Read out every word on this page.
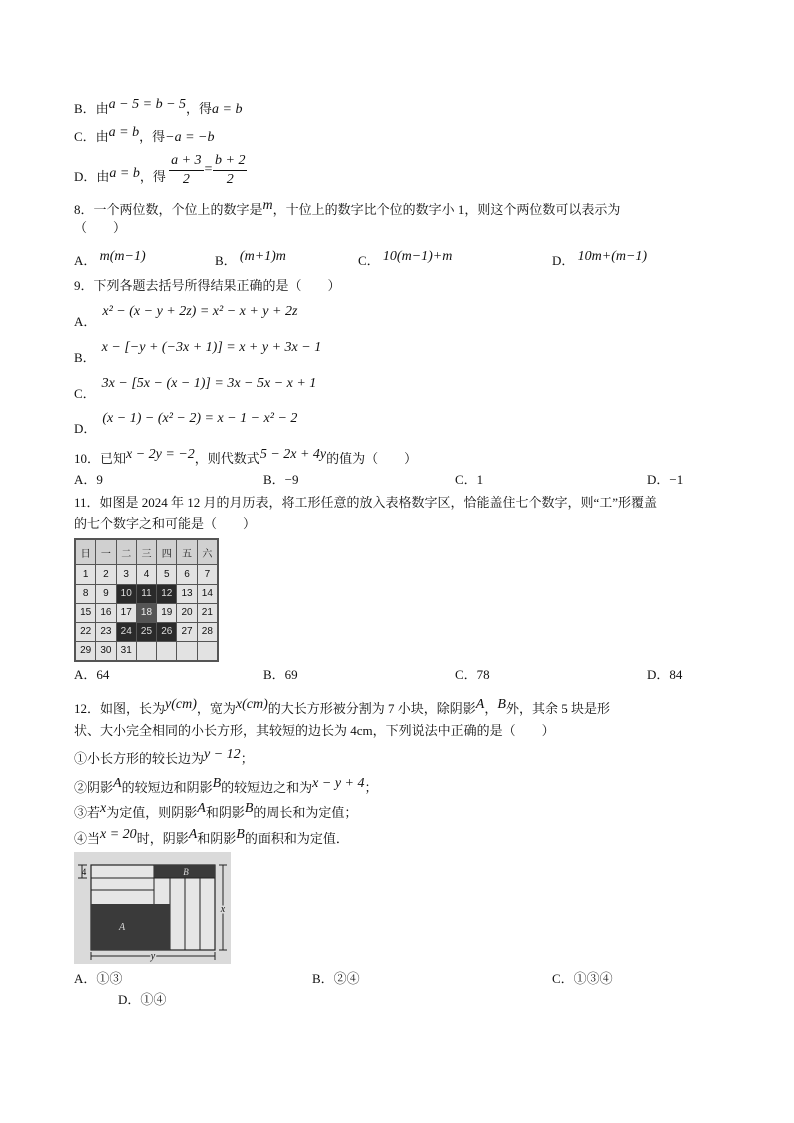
B．由a − 5 = b − 5，得a = b
C．由a = b，得−a = −b
D．由a = b，得 $\frac{a + 3}{2} = \frac{b + 2}{2}$
8．一个两位数，个位上的数字是m，十位上的数字比个位的数字小 1，则这个两位数可以表示为
（　　）
A． m(m−1)	B． (m+1)m	C． 10(m−1)+m	D． 10m+(m−1)
9．下列各题去括号所得结果正确的是（　　）
A．x² − (x − y + 2z) = x² − x + y + 2z
B．x − [−y + (−3x + 1)] = x + y + 3x − 1
C．3x − [5x − (x − 1)] = 3x − 5x − x + 1
D．(x − 1) − (x² − 2) = x − 1 − x² − 2
10．已知x − 2y = −2，则代数式5 − 2x + 4y的值为（　　）
A．9	B．−9	C．1	D．−1
11．如图是 2024 年 12 月的月历表，将工形任意的放入表格数字区，恰能盖住七个数字，则“工”形覆盖
的七个数字之和可能是（　　）
日	一	二	三	四	五	六
1	2	3	4	5	6	7
8	9	10	11	12	13	14
15	16	17	18	19	20	21
22	23	24	25	26	27	28
29	30	31				
A．64	B．69	C．78	D．84
12．如图，长为y(cm)，宽为x(cm)的大长方形被分割为 7 小块，除阴影A，B外，其余 5 块是形
状、大小完全相同的小长方形，其较短的边长为 4cm，下列说法中正确的是（　　）
①小长方形的较长边为y − 12；
②阴影A的较短边和阴影B的较短边之和为x − y + 4；
③若x为定值，则阴影A和阴影B的周长和为定值；
④当x = 20时，阴影A和阴影B的面积和为定值．
4
x
y
A
B
A．①③	B．②④	C．①③④
D．①④
